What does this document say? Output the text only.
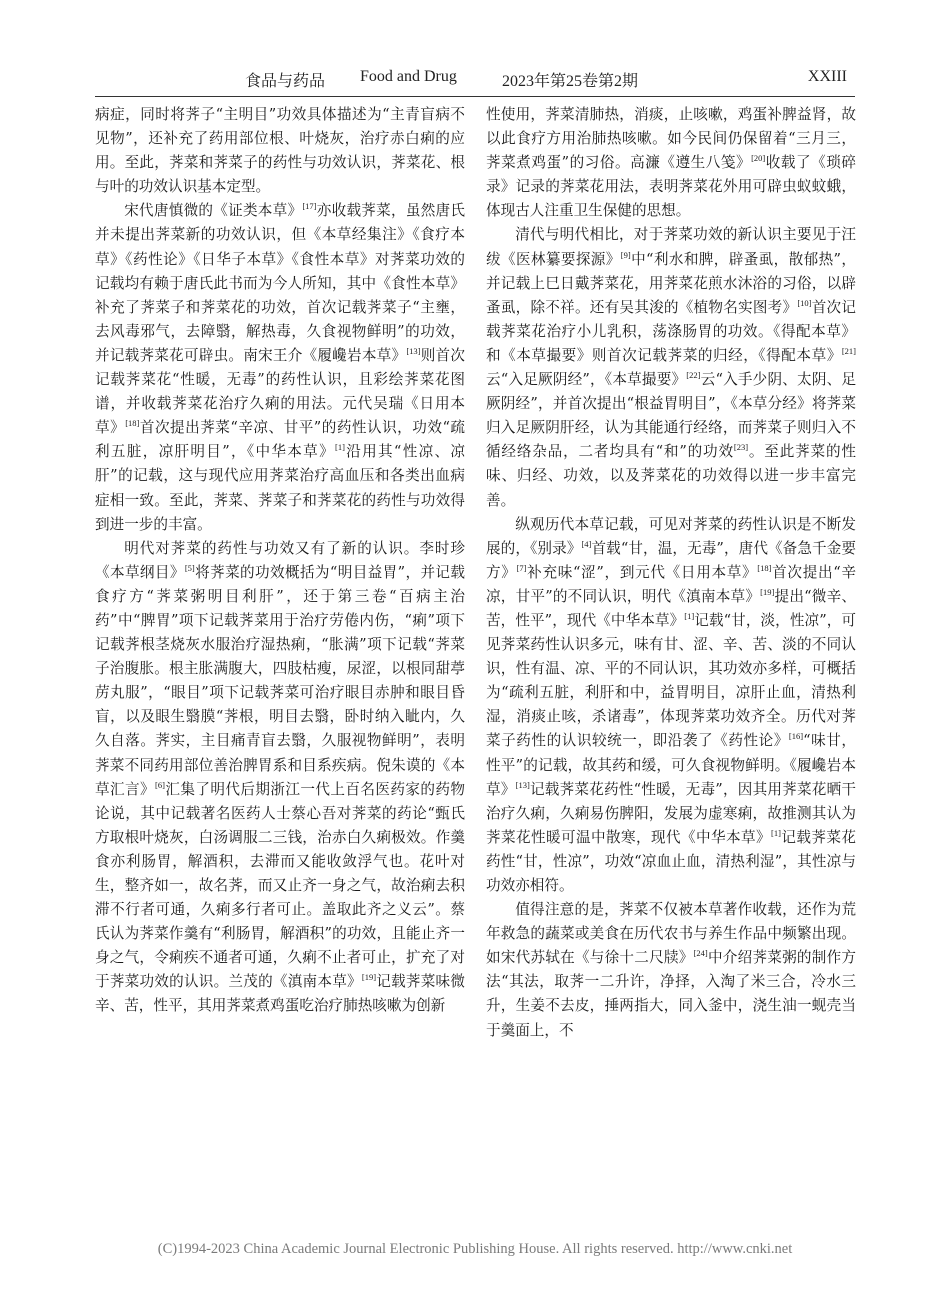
食品与药品 Food and Drug	2023年第25卷第2期	XXIII

病症，同时将荠子“主明目”功效具体描述为“主青盲病不见物”，还补充了药用部位根、叶烧灰，治疗赤白痢的应用。至此，荠菜和荠菜子的药性与功效认识，荠菜花、根与叶的功效认识基本定型。

宋代唐慎微的《证类本草》[17]亦收载荠菜，虽然唐氏并未提出荠菜新的功效认识，但《本草经集注》《食疗本草》《药性论》《日华子本草》《食性本草》对荠菜功效的记载均有赖于唐氏此书而为今人所知，其中《食性本草》补充了荠菜子和荠菜花的功效，首次记载荠菜子“主壅，去风毒邪气，去障翳，解热毒，久食视物鲜明”的功效，并记载荠菜花可辟虫。南宋王介《履巉岩本草》[13]则首次记载荠菜花“性暖，无毒”的药性认识，且彩绘荠菜花图谱，并收载荠菜花治疗久痢的用法。元代吴瑞《日用本草》[18]首次提出荠菜“辛凉、甘平”的药性认识，功效“疏利五脏，凉肝明目”，《中华本草》[1]沿用其“性凉、凉肝”的记载，这与现代应用荠菜治疗高血压和各类出血病症相一致。至此，荠菜、荠菜子和荠菜花的药性与功效得到进一步的丰富。

明代对荠菜的药性与功效又有了新的认识。李时珍《本草纲目》[5]将荠菜的功效概括为“明目益胃”，并记载食疗方“荠菜粥明目利肝”，还于第三卷“百病主治药”中“脾胃”项下记载荠菜用于治疗劳倦内伤，“痢”项下记载荠根茎烧灰水服治疗湿热痢，“胀满”项下记载“荠菜子治腹胀。根主胀满腹大，四肢枯瘦，尿涩，以根同甜葶苈丸服”，“眼目”项下记载荠菜可治疗眼目赤肿和眼目昏盲，以及眼生翳膜“荠根，明目去翳，卧时纳入眦内，久久自落。荠实，主目痛青盲去翳，久服视物鲜明”，表明荠菜不同药用部位善治脾胃系和目系疾病。倪朱谟的《本草汇言》[6]汇集了明代后期浙江一代上百名医药家的药物论说，其中记载著名医药人士蔡心吾对荠菜的药论“甄氏方取根叶烧灰，白汤调服二三钱，治赤白久痢极效。作羹食亦利肠胃，解酒积，去滞而又能收敛浮气也。花叶对生，整齐如一，故名荠，而又止齐一身之气，故治痢去积滞不行者可通，久痢多行者可止。盖取此齐之义云”。蔡氏认为荠菜作羹有“利肠胃，解酒积”的功效，且能止齐一身之气，令痢疾不通者可通，久痢不止者可止，扩充了对于荠菜功效的认识。兰茂的《滇南本草》[19]记载荠菜味微辛、苦，性平，其用荠菜煮鸡蛋吃治疗肺热咳嗽为创新

性使用，荠菜清肺热，消痰，止咳嗽，鸡蛋补脾益肾，故以此食疗方用治肺热咳嗽。如今民间仍保留着“三月三，荠菜煮鸡蛋”的习俗。高濂《遵生八笺》[20]收载了《琐碎录》记录的荠菜花用法，表明荠菜花外用可辟虫蚁蚊蛾，体现古人注重卫生保健的思想。

清代与明代相比，对于荠菜功效的新认识主要见于汪绂《医林纂要探源》[9]中“利水和脾，辟蚤虱，散郁热”，并记载上巳日戴荠菜花，用荠菜花煎水沐浴的习俗，以辟蚤虱，除不祥。还有吴其浚的《植物名实图考》[10]首次记载荠菜花治疗小儿乳积，荡涤肠胃的功效。《得配本草》和《本草撮要》则首次记载荠菜的归经，《得配本草》[21]云“入足厥阴经”，《本草撮要》[22]云“入手少阴、太阴、足厥阴经”，并首次提出“根益胃明目”，《本草分经》将荠菜归入足厥阴肝经，认为其能通行经络，而荠菜子则归入不循经络杂品，二者均具有“和”的功效[23]。至此荠菜的性味、归经、功效，以及荠菜花的功效得以进一步丰富完善。

纵观历代本草记载，可见对荠菜的药性认识是不断发展的，《别录》[4]首载“甘，温，无毒”，唐代《备急千金要方》[7]补充味“涩”，到元代《日用本草》[18]首次提出“辛凉，甘平”的不同认识，明代《滇南本草》[19]提出“微辛、苦，性平”，现代《中华本草》[1]记载“甘，淡，性凉”，可见荠菜药性认识多元，味有甘、涩、辛、苦、淡的不同认识，性有温、凉、平的不同认识，其功效亦多样，可概括为“疏利五脏，利肝和中，益胃明目，凉肝止血，清热利湿，消痰止咳，杀诸毒”，体现荠菜功效齐全。历代对荠菜子药性的认识较统一，即沿袭了《药性论》[16]“味甘，性平”的记载，故其药和缓，可久食视物鲜明。《履巉岩本草》[13]记载荠菜花药性“性暖，无毒”，因其用荠菜花晒干治疗久痢，久痢易伤脾阳，发展为虚寒痢，故推测其认为荠菜花性暖可温中散寒，现代《中华本草》[1]记载荠菜花药性“甘，性凉”，功效“凉血止血，清热利湿”，其性凉与功效亦相符。

值得注意的是，荠菜不仅被本草著作收载，还作为荒年救急的蔬菜或美食在历代农书与养生作品中频繁出现。如宋代苏轼在《与徐十二尺牍》[24]中介绍荠菜粥的制作方法“其法，取荠一二升许，净择，入淘了米三合，冷水三升，生姜不去皮，捶两指大，同入釜中，浇生油一蚬壳当于羹面上，不

(C)1994-2023 China Academic Journal Electronic Publishing House. All rights reserved. http://www.cnki.net
